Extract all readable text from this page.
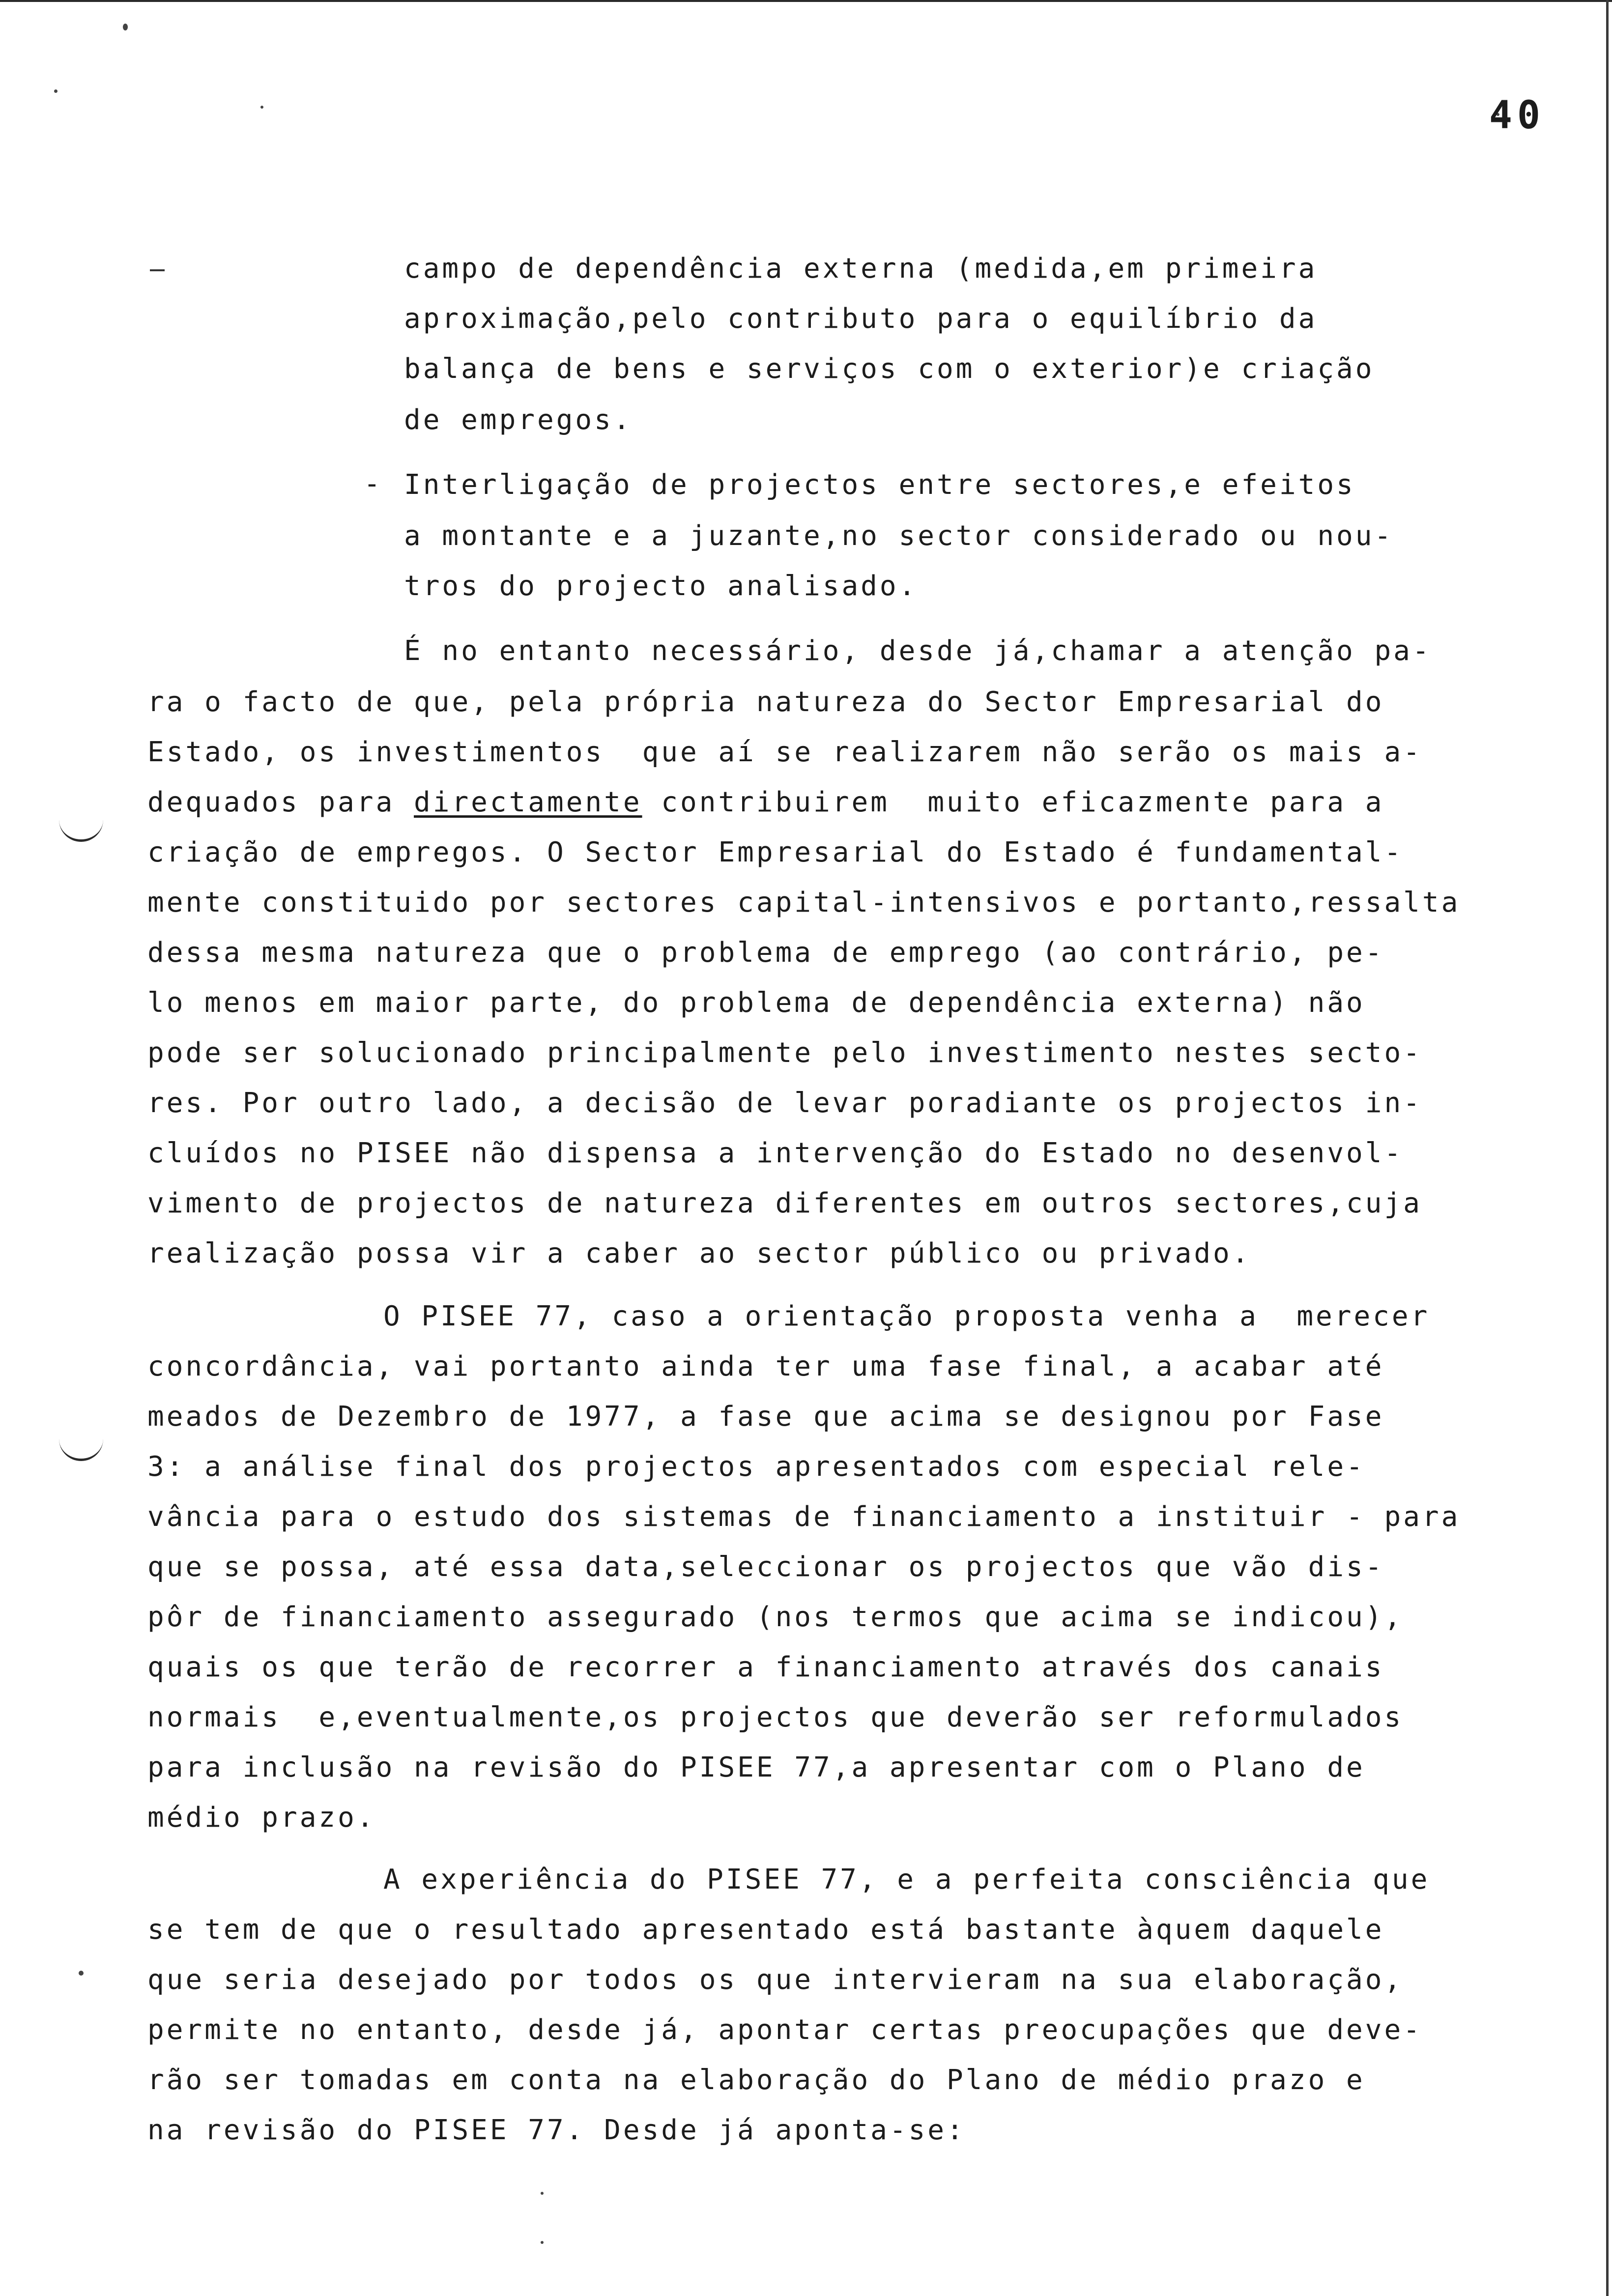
40
campo de dependência externa (medida,em primeira
aproximação,pelo contributo para o equilíbrio da
balança de bens e serviços com o exterior)e criação
de empregos.
- Interligação de projectos entre sectores,e efeitos
a montante e a juzante,no sector considerado ou nou-
tros do projecto analisado.
É no entanto necessário, desde já,chamar a atenção pa-
ra o facto de que, pela própria natureza do Sector Empresarial do
Estado, os investimentos  que aí se realizarem não serão os mais a-
dequados para directamente contribuirem  muito eficazmente para a
criação de empregos. O Sector Empresarial do Estado é fundamental-
mente constituido por sectores capital-intensivos e portanto,ressalta
dessa mesma natureza que o problema de emprego (ao contrário, pe-
lo menos em maior parte, do problema de dependência externa) não
pode ser solucionado principalmente pelo investimento nestes secto-
res. Por outro lado, a decisão de levar poradiante os projectos in-
cluídos no PISEE não dispensa a intervenção do Estado no desenvol-
vimento de projectos de natureza diferentes em outros sectores,cuja
realização possa vir a caber ao sector público ou privado.
O PISEE 77, caso a orientação proposta venha a  merecer
concordância, vai portanto ainda ter uma fase final, a acabar até
meados de Dezembro de 1977, a fase que acima se designou por Fase
3: a análise final dos projectos apresentados com especial rele-
vância para o estudo dos sistemas de financiamento a instituir - para
que se possa, até essa data,seleccionar os projectos que vão dis-
pôr de financiamento assegurado (nos termos que acima se indicou),
quais os que terão de recorrer a financiamento através dos canais
normais  e,eventualmente,os projectos que deverão ser reformulados
para inclusão na revisão do PISEE 77,a apresentar com o Plano de
médio prazo.
A experiência do PISEE 77, e a perfeita consciência que
se tem de que o resultado apresentado está bastante àquem daquele
que seria desejado por todos os que intervieram na sua elaboração,
permite no entanto, desde já, apontar certas preocupações que deve-
rão ser tomadas em conta na elaboração do Plano de médio prazo e
na revisão do PISEE 77. Desde já aponta-se:
